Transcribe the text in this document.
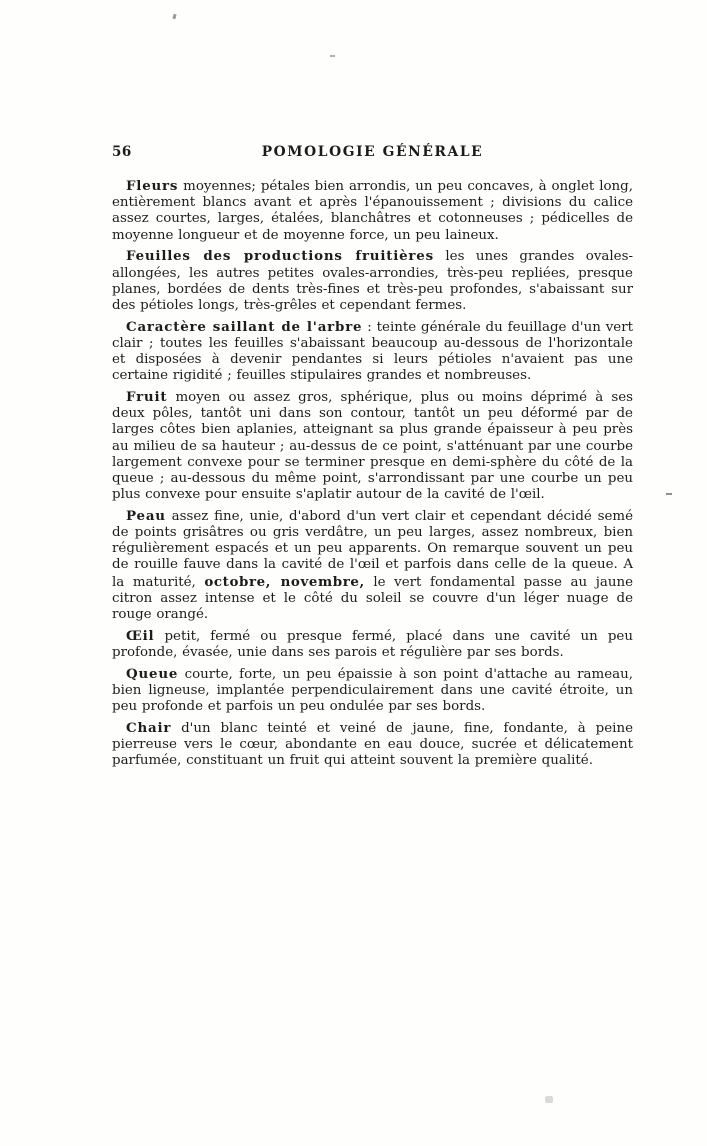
56	POMOLOGIE GÉNÉRALE

Fleurs moyennes; pétales bien arrondis, un peu concaves, à onglet long, entièrement blancs avant et après l'épanouissement ; divisions du calice assez courtes, larges, étalées, blanchâtres et cotonneuses ; pédicelles de moyenne longueur et de moyenne force, un peu laineux.

Feuilles des productions fruitières les unes grandes ovales-allongées, les autres petites ovales-arrondies, très-peu repliées, presque planes, bordées de dents très-fines et très-peu profondes, s'abaissant sur des pétioles longs, très-grêles et cependant fermes.

Caractère saillant de l'arbre : teinte générale du feuillage d'un vert clair ; toutes les feuilles s'abaissant beaucoup au-dessous de l'horizontale et disposées à devenir pendantes si leurs pétioles n'avaient pas une certaine rigidité ; feuilles stipulaires grandes et nombreuses.

Fruit moyen ou assez gros, sphérique, plus ou moins déprimé à ses deux pôles, tantôt uni dans son contour, tantôt un peu déformé par de larges côtes bien aplanies, atteignant sa plus grande épaisseur à peu près au milieu de sa hauteur ; au-dessus de ce point, s'atténuant par une courbe largement convexe pour se terminer presque en demi-sphère du côté de la queue ; au-dessous du même point, s'arrondissant par une courbe un peu plus convexe pour ensuite s'aplatir autour de la cavité de l'œil.

Peau assez fine, unie, d'abord d'un vert clair et cependant décidé semé de points grisâtres ou gris verdâtre, un peu larges, assez nombreux, bien régulièrement espacés et un peu apparents. On remarque souvent un peu de rouille fauve dans la cavité de l'œil et parfois dans celle de la queue. A la maturité, octobre, novembre, le vert fondamental passe au jaune citron assez intense et le côté du soleil se couvre d'un léger nuage de rouge orangé.

Œil petit, fermé ou presque fermé, placé dans une cavité un peu profonde, évasée, unie dans ses parois et régulière par ses bords.

Queue courte, forte, un peu épaissie à son point d'attache au rameau, bien ligneuse, implantée perpendiculairement dans une cavité étroite, un peu profonde et parfois un peu ondulée par ses bords.

Chair d'un blanc teinté et veiné de jaune, fine, fondante, à peine pierreuse vers le cœur, abondante en eau douce, sucrée et délicatement parfumée, constituant un fruit qui atteint souvent la première qualité.
